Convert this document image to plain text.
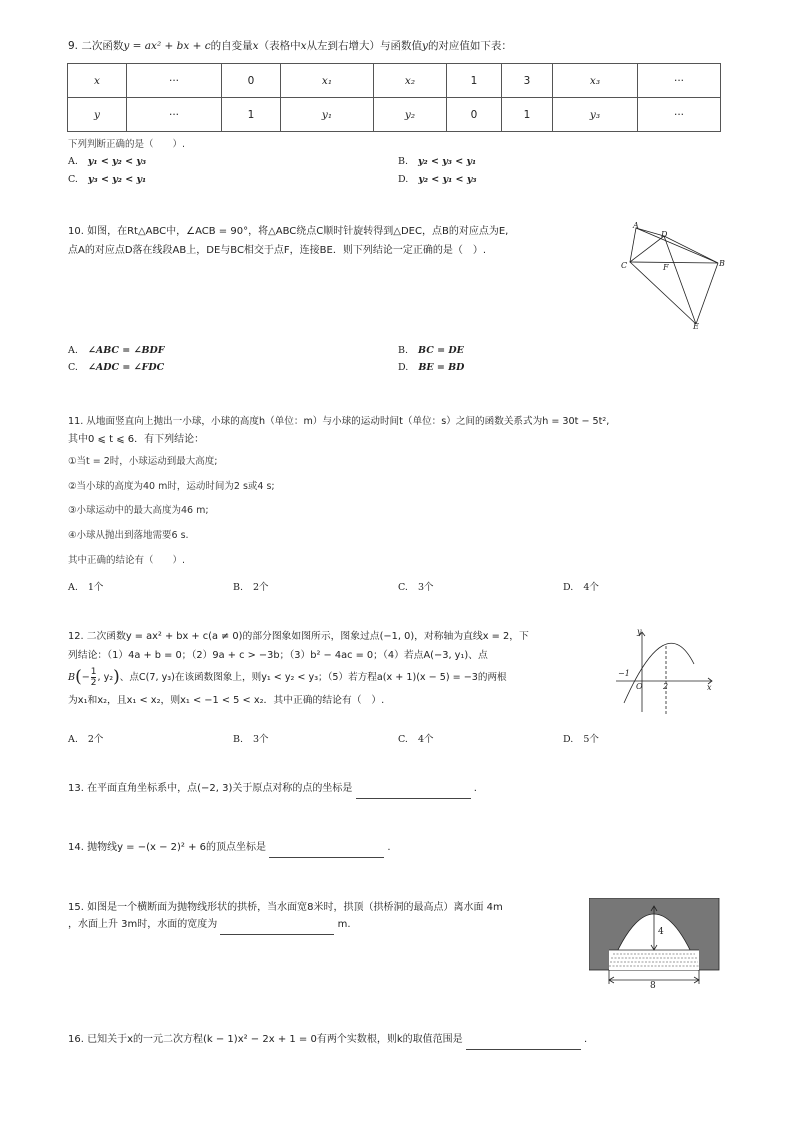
9. 二次函数y = ax² + bx + c的自变量x（表格中x从左到右增大）与函数值y的对应值如下表：
x	···	0	x₁	x₂	1	3	x₃	···
y	···	1	y₁	y₂	0	1	y₃	···
下列判断正确的是（　　）.
A. y₁ < y₂ < y₃	B. y₂ < y₃ < y₁
C. y₃ < y₂ < y₁	D. y₂ < y₁ < y₃
10. 如图，在Rt△ABC中，∠ACB = 90°，将△ABC绕点C顺时针旋转得到△DEC，点B的对应点为E,
点A的对应点D落在线段AB上，DE与BC相交于点F，连接BE．则下列结论一定正确的是（　）.
A
D
C	F	B
E
A. ∠ABC = ∠BDF	B. BC = DE
C. ∠ADC = ∠FDC	D. BE = BD
11. 从地面竖直向上抛出一小球，小球的高度h（单位：m）与小球的运动时间t（单位：s）之间的函数关系式为h = 30t − 5t²,
其中0 ⩽ t ⩽ 6．有下列结论：
①当t = 2时，小球运动到最大高度;
②当小球的高度为40 m时，运动时间为2 s或4 s;
③小球运动中的最大高度为46 m;
④小球从抛出到落地需要6 s.
其中正确的结论有（　　）.
A. 1个	B. 2个	C. 3个	D. 4个
12. 二次函数y = ax² + bx + c(a ≠ 0)的部分图象如图所示，图象过点(−1, 0)，对称轴为直线x = 2，下
列结论：（1）4a + b = 0；（2）9a + c > −3b；（3）b² − 4ac = 0；（4）若点A(−3, y₁)、点
$B(- \frac{1}{2}$ , y₂)、点C(7, y₃)在该函数图象上，则y₁ < y₂ < y₃；（5）若方程a(x + 1)(x − 5) = −3的两根
为x₁和x₂，且x₁ < x₂，则x₁ < −1 < 5 < x₂．其中正确的结论有（　）.
y
x
O
−1
2
A. 2个	B. 3个	C. 4个	D. 5个
13. 在平面直角坐标系中，点(−2, 3)关于原点对称的点的坐标是	.
14. 抛物线y = −(x − 2)² + 6的顶点坐标是	.
15. 如图是一个横断面为抛物线形状的拱桥，当水面宽8米时，拱顶（拱桥洞的最高点）离水面 4m
，水面上升 3m时，水面的宽度为	m.
4
8
16. 已知关于x的一元二次方程(k − 1)x² − 2x + 1 = 0有两个实数根，则k的取值范围是	.
